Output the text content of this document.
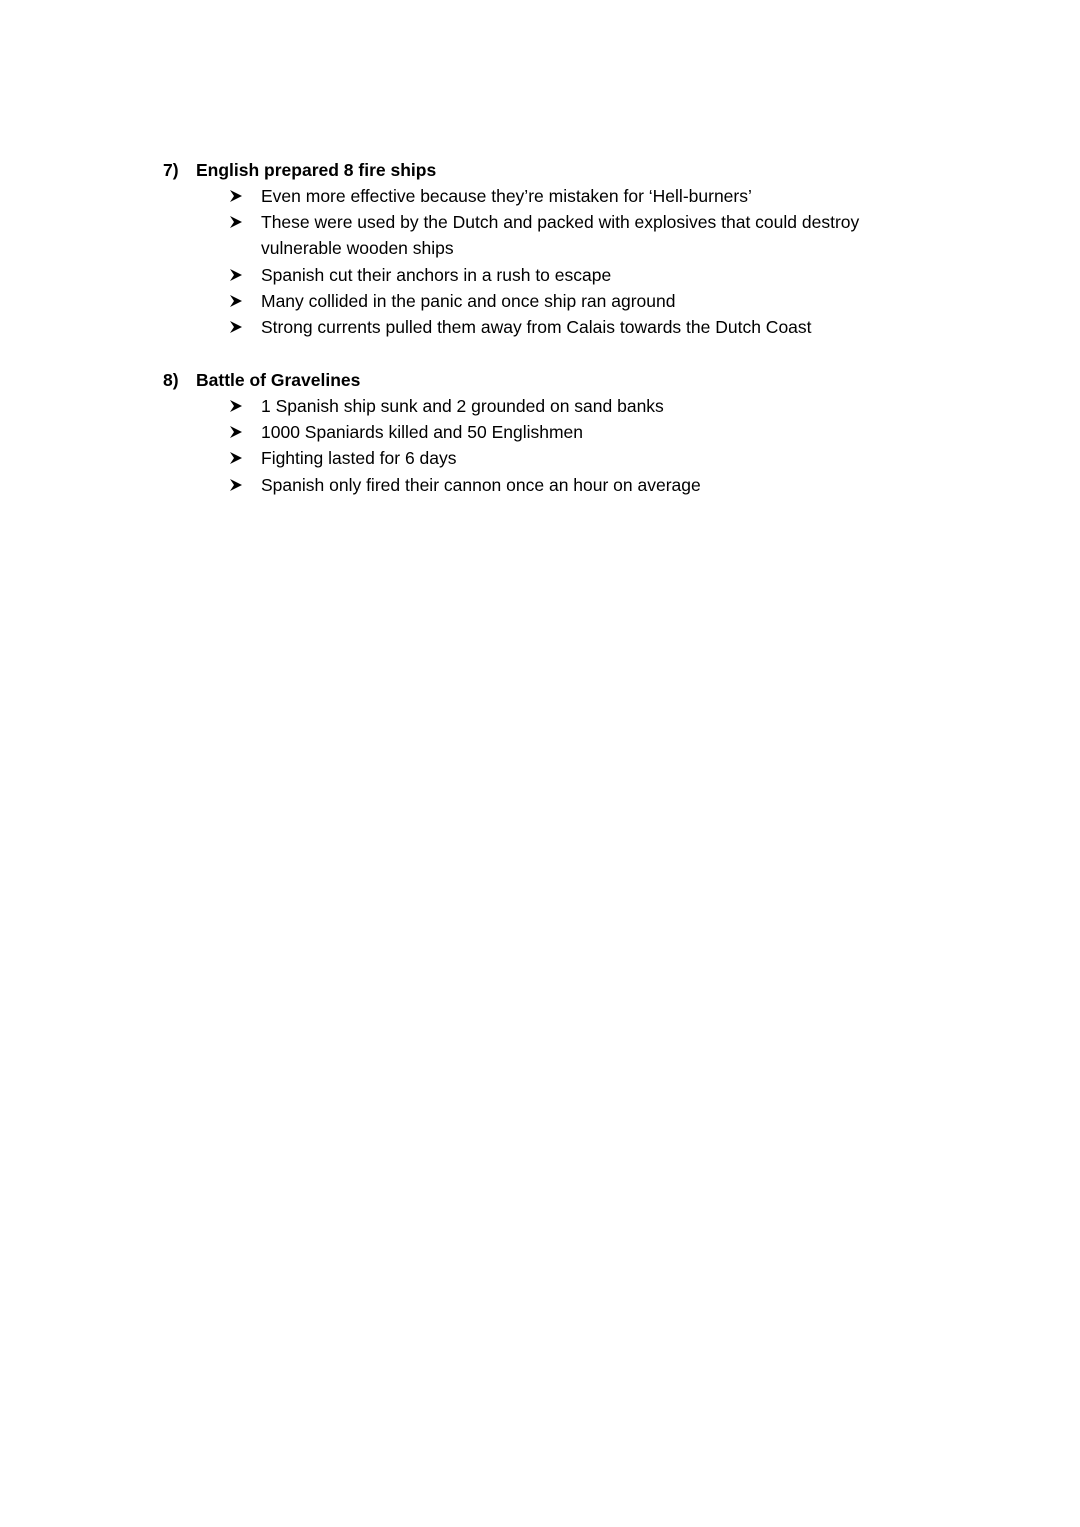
7) English prepared 8 fire ships
Even more effective because they’re mistaken for ‘Hell-burners’
These were used by the Dutch and packed with explosives that could destroy vulnerable wooden ships
Spanish cut their anchors in a rush to escape
Many collided in the panic and once ship ran aground
Strong currents pulled them away from Calais towards the Dutch Coast
8) Battle of Gravelines
1 Spanish ship sunk and 2 grounded on sand banks
1000 Spaniards killed and 50 Englishmen
Fighting lasted for 6 days
Spanish only fired their cannon once an hour on average
